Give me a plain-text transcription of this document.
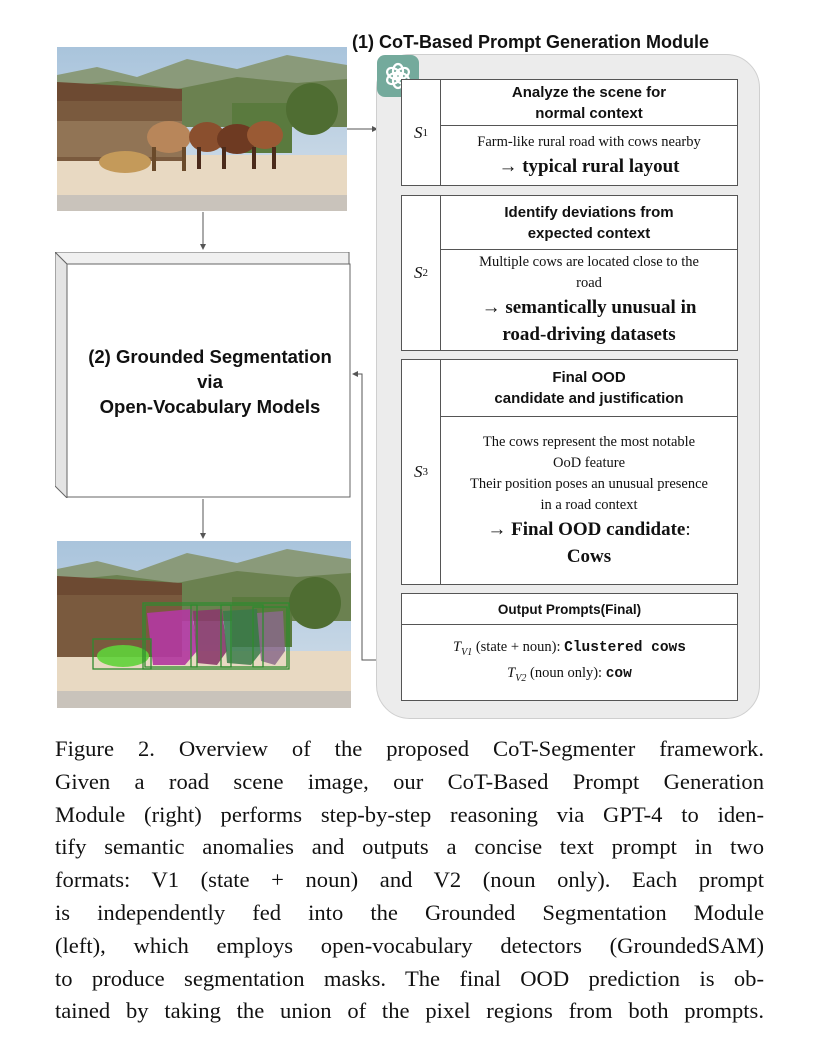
(1) CoT-Based Prompt Generation Module
S 1
Analyze the scene for
normal context
Farm-like rural road with cows nearby
→ typical rural layout
S 2
Identify deviations from
expected context
Multiple cows are located close to the
road
→ semantically unusual in
road-driving datasets
S 3
Final OOD
candidate and justification
The cows represent the most notable
OoD feature
Their position poses an unusual presence
in a road context
→ Final OOD candidate:
Cows
Output Prompts(Final)
$T_{V1}$ (state + noun): Clustered cows
$T_{V2}$ (noun only): cow
(2) Grounded Segmentation
via
Open-Vocabulary Models
Figure 2. Overview of the proposed CoT-Segmenter framework.
Given a road scene image, our CoT-Based Prompt Generation
Module (right) performs step-by-step reasoning via GPT-4 to iden-
tify semantic anomalies and outputs a concise text prompt in two
formats: V1 (state + noun) and V2 (noun only). Each prompt
is independently fed into the Grounded Segmentation Module
(left), which employs open-vocabulary detectors (GroundedSAM)
to produce segmentation masks. The final OOD prediction is ob-
tained by taking the union of the pixel regions from both prompts.
